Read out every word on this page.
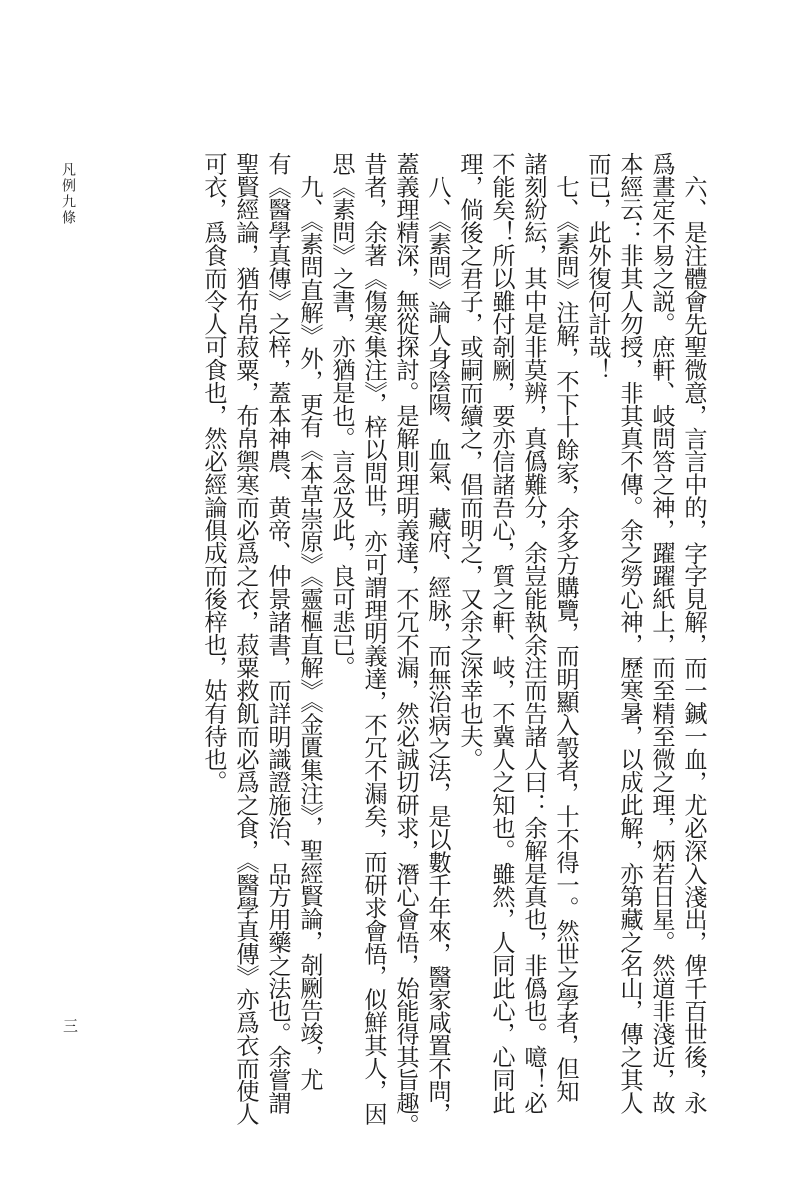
凡例九條
三	六、是注體會先聖微意，言言中的，字字見解，而一鍼一血，尤必深入淺出，俾千百世後，永
爲晝定不易之説。庶軒、岐問答之神，躍躍紙上，而至精至微之理，炳若日星。然道非淺近，故
本經云：非其人勿授，非其真不傳。余之勞心神，歷寒暑，以成此解，亦第藏之名山，傳之其人
而已，此外復何計哉！
七、《素問》注解，不下十餘家，余多方購覽，而明顯入彀者，十不得一。然世之學者，但知
諸刻紛紜，其中是非莫辨，真僞難分，余豈能執余注而告諸人曰：余解是真也，非僞也。噫！必
不能矣！所以雖付剞劂，要亦信諸吾心，質之軒、岐，不冀人之知也。雖然，人同此心，心同此
理，倘後之君子，或嗣而續之，倡而明之，又余之深幸也夫。
八、《素問》論人身陰陽、血氣、藏府、經脉，而無治病之法，是以數千年來，醫家咸置不問，
蓋義理精深，無從探討。是解則理明義達，不冗不漏，然必誠切研求，潛心會悟，始能得其旨趣。
昔者，余著《傷寒集注》，梓以問世，亦可謂理明義達，不冗不漏矣，而研求會悟，似鮮其人，因
思《素問》之書，亦猶是也。言念及此，良可悲已。
九、《素問直解》外，更有《本草崇原》《靈樞直解》《金匱集注》，聖經賢論，剞劂告竣，尤
有《醫學真傳》之梓，蓋本神農、黄帝、仲景諸書，而詳明識證施治、品方用藥之法也。余嘗謂
聖賢經論，猶布帛菽粟，布帛禦寒而必爲之衣，菽粟救飢而必爲之食，《醫學真傳》亦爲衣而使人
可衣，爲食而令人可食也，然必經論俱成而後梓也，姑有待也。
